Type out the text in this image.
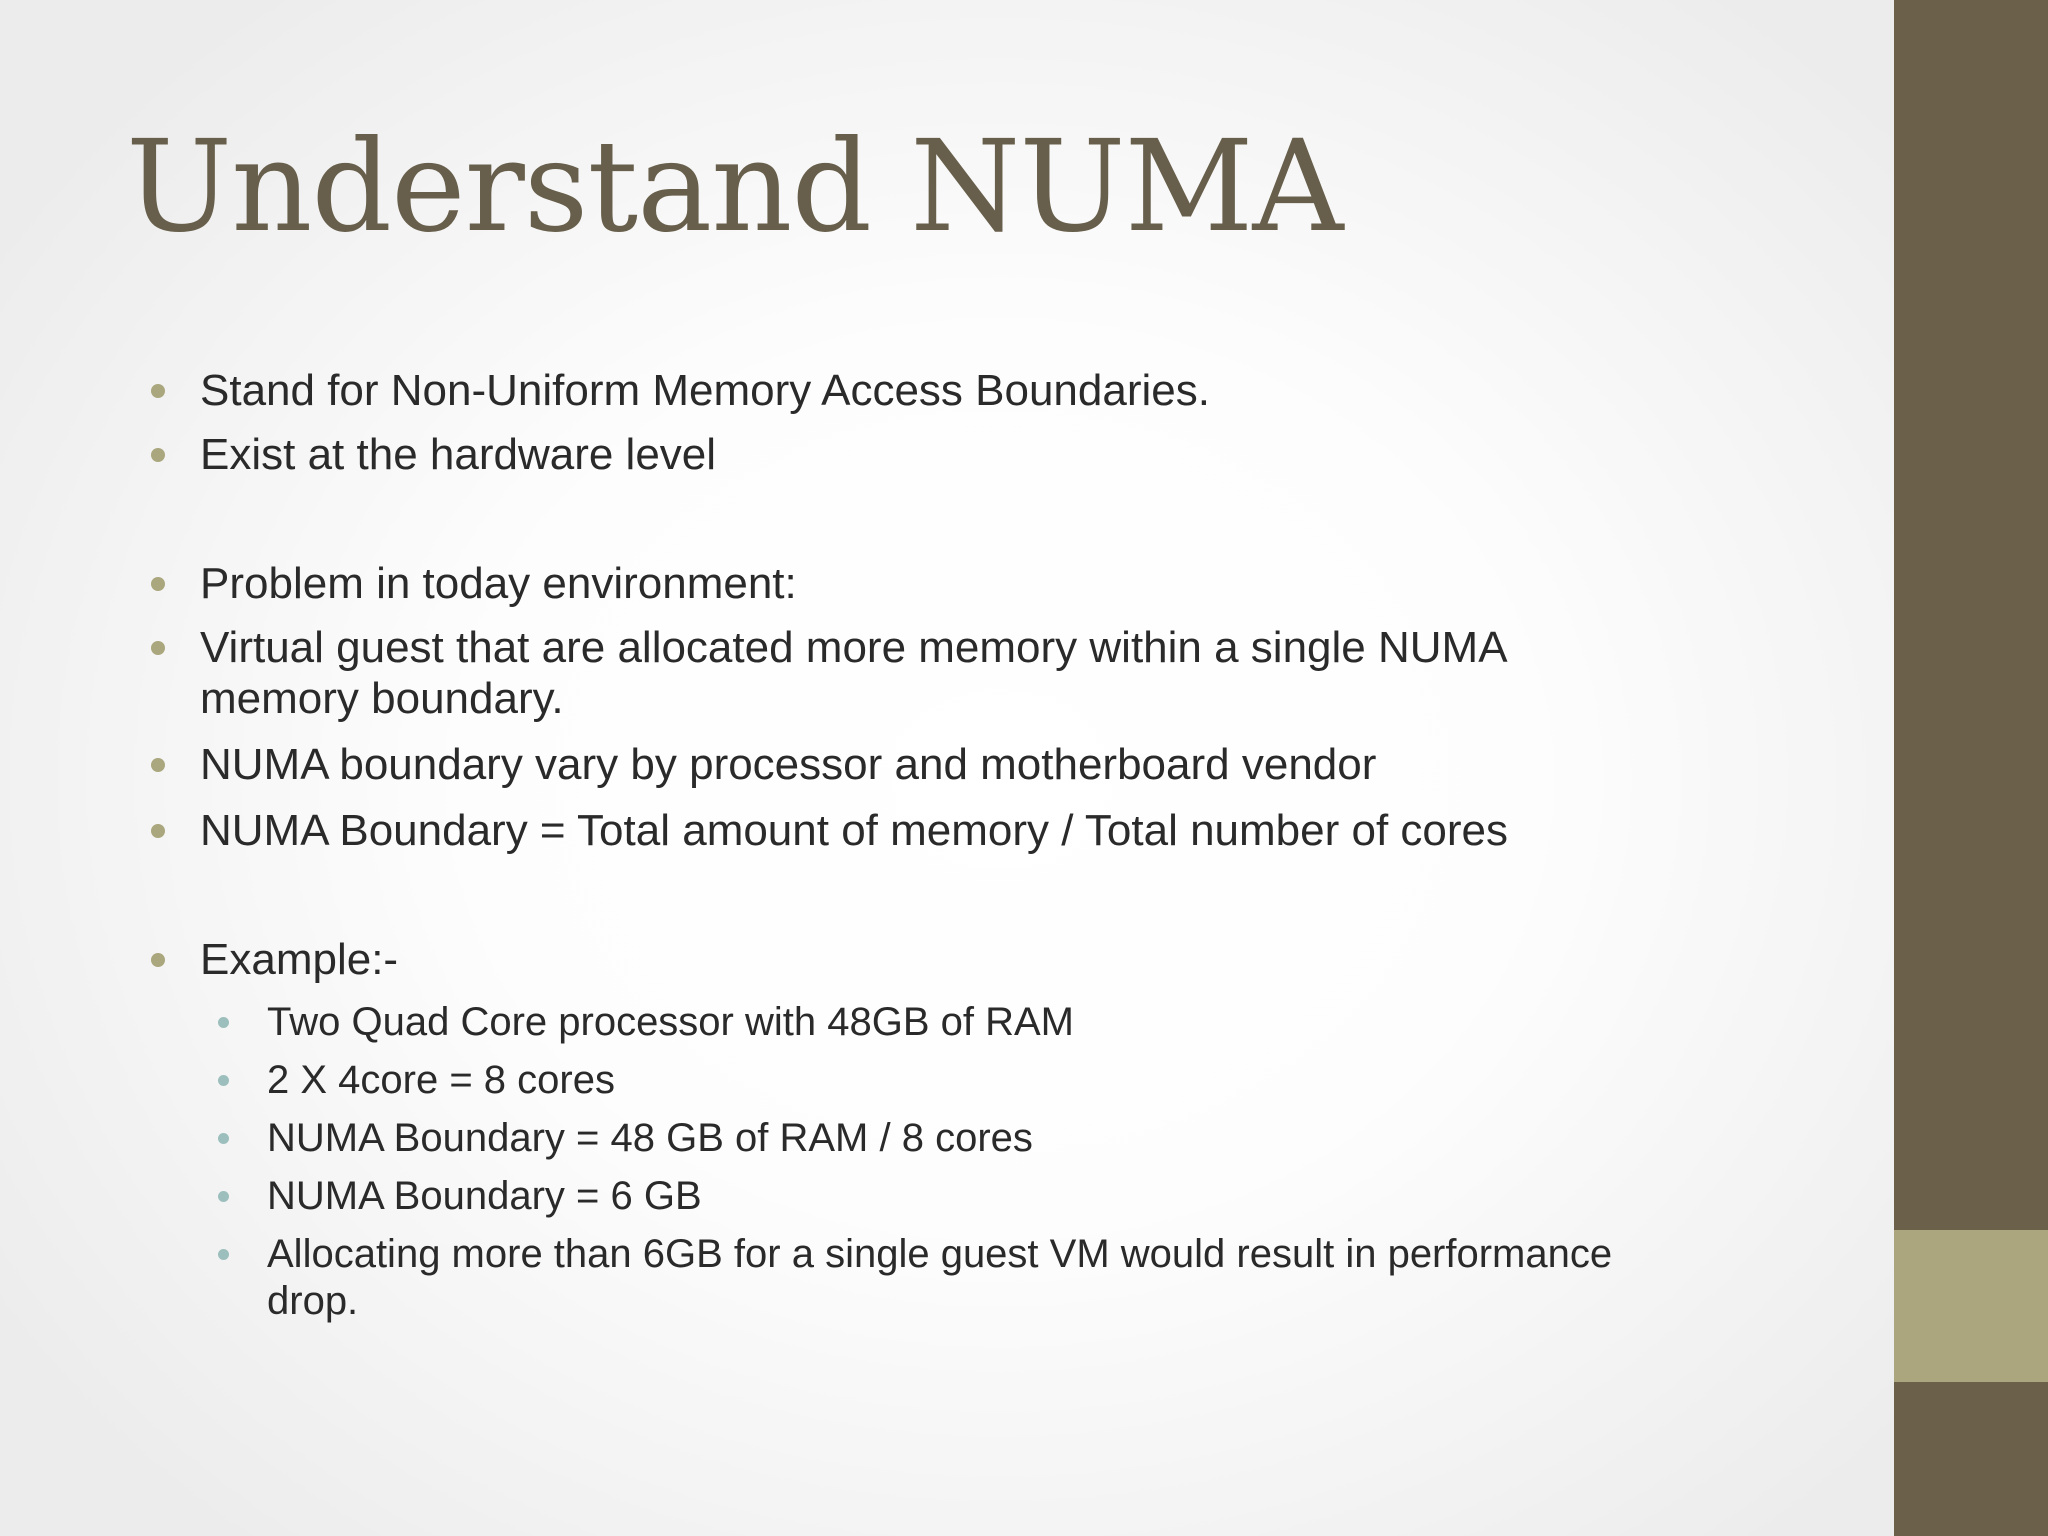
Understand NUMA

Stand for Non-Uniform Memory Access Boundaries.

Exist at the hardware level

Problem in today environment:

Virtual guest that are allocated more memory within a single NUMA

memory boundary.

NUMA boundary vary by processor and motherboard vendor

NUMA Boundary = Total amount of memory / Total number of cores

Example:-

Two Quad Core processor with 48GB of RAM

2 X 4core = 8 cores

NUMA Boundary = 48 GB of RAM / 8 cores

NUMA Boundary = 6 GB

Allocating more than 6GB for a single guest VM would result in performance

drop.
